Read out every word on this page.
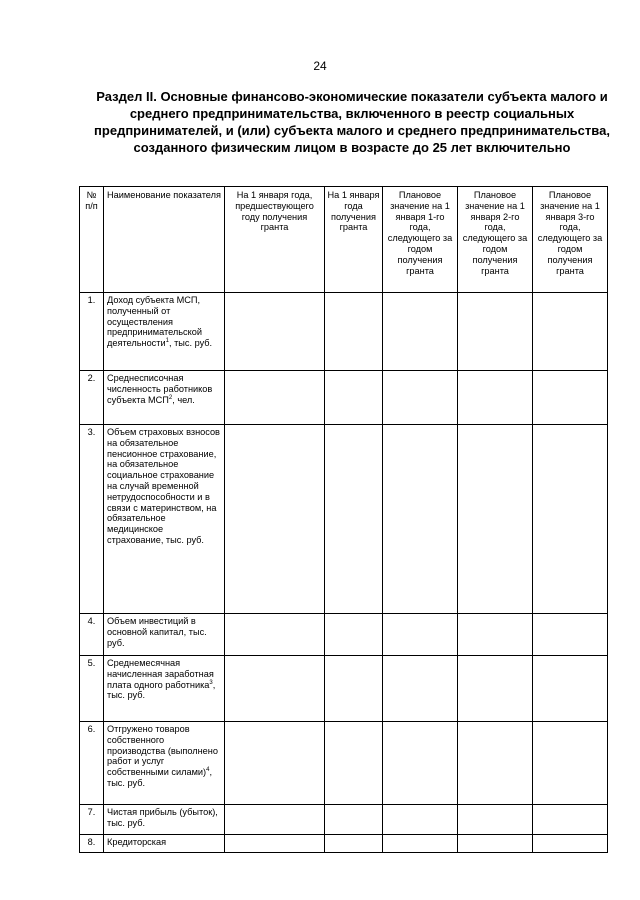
24
Раздел II. Основные финансово-экономические показатели субъекта малого и среднего предпринимательства, включенного в реестр социальных предпринимателей, и (или) субъекта малого и среднего предпринимательства, созданного физическим лицом в возрасте до 25 лет включительно
№ п/п	Наименование показателя	На 1 января года, предшествующего году получения гранта	На 1 января года получения гранта	Плановое значение на 1 января 1-го года, следующего за годом получения гранта	Плановое значение на 1 января 2-го года, следующего за годом получения гранта	Плановое значение на 1 января 3-го года, следующего за годом получения гранта
1.	Доход субъекта МСП, полученный от осуществления предпринимательской деятельности$^1$, тыс. руб.					
2.	Среднесписочная численность работников субъекта МСП$^2$, чел.					
3.	Объем страховых взносов на обязательное пенсионное страхование, на обязательное социальное страхование на случай временной нетрудоспособности и в связи с материнством, на обязательное медицинское страхование, тыс. руб.					
4.	Объем инвестиций в основной капитал, тыс. руб.					
5.	Среднемесячная начисленная заработная плата одного работника$^3$, тыс. руб.					
6.	Отгружено товаров собственного производства (выполнено работ и услуг собственными силами)$^4$, тыс. руб.					
7.	Чистая прибыль (убыток), тыс. руб.					
8.	Кредиторская					
